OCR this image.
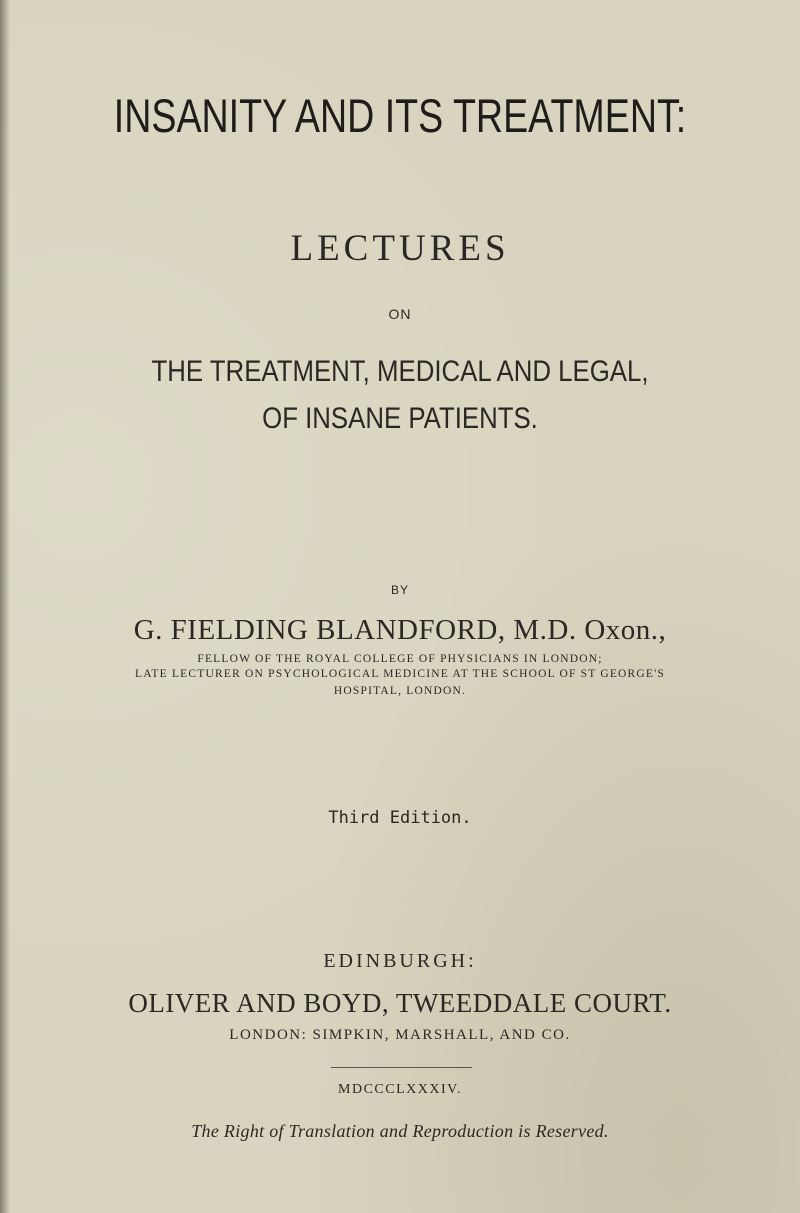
INSANITY AND ITS TREATMENT:
LECTURES
ON
THE TREATMENT, MEDICAL AND LEGAL,
OF INSANE PATIENTS.
BY
G. FIELDING BLANDFORD, M.D. Oxon.,
FELLOW OF THE ROYAL COLLEGE OF PHYSICIANS IN LONDON;
LATE LECTURER ON PSYCHOLOGICAL MEDICINE AT THE SCHOOL OF ST GEORGE'S
HOSPITAL, LONDON.
Third Edition.
EDINBURGH:
OLIVER AND BOYD, TWEEDDALE COURT.
LONDON: SIMPKIN, MARSHALL, AND CO.
MDCCCLXXXIV.
The Right of Translation and Reproduction is Reserved.
